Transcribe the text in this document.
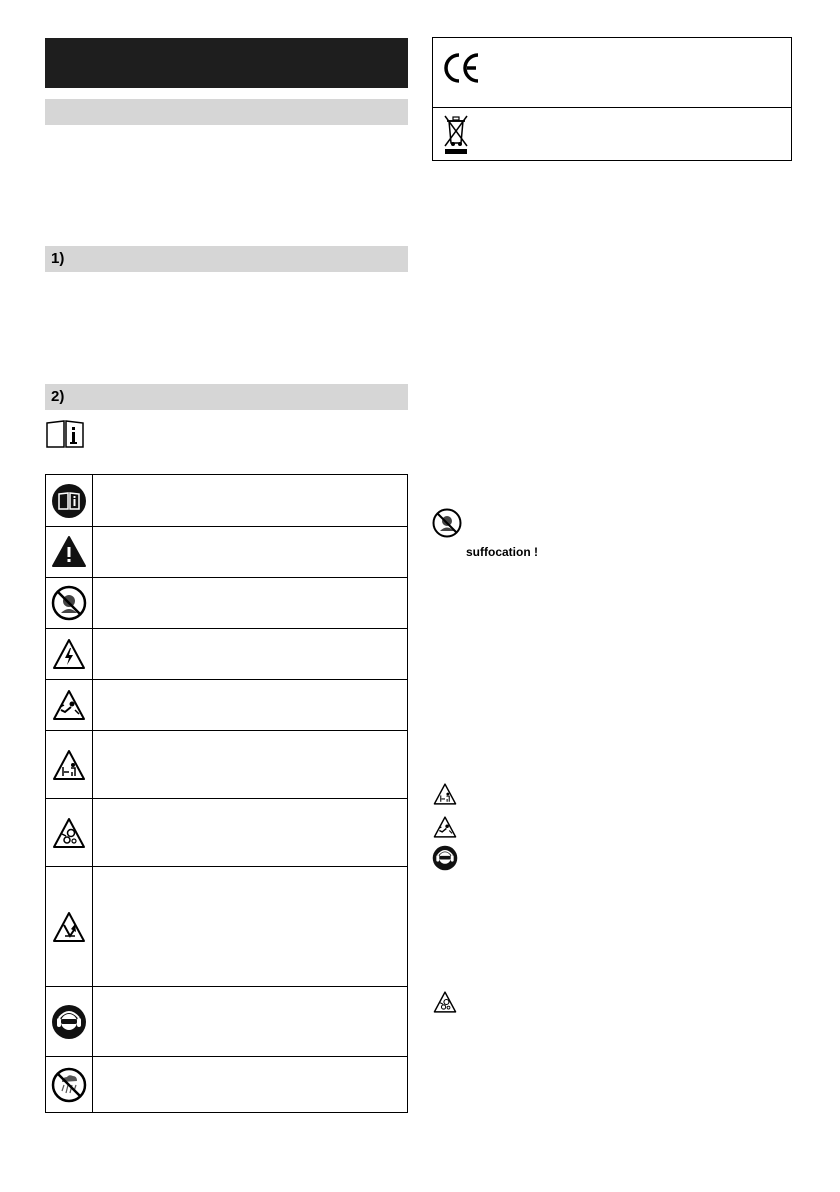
1)
2)
suffocation !
